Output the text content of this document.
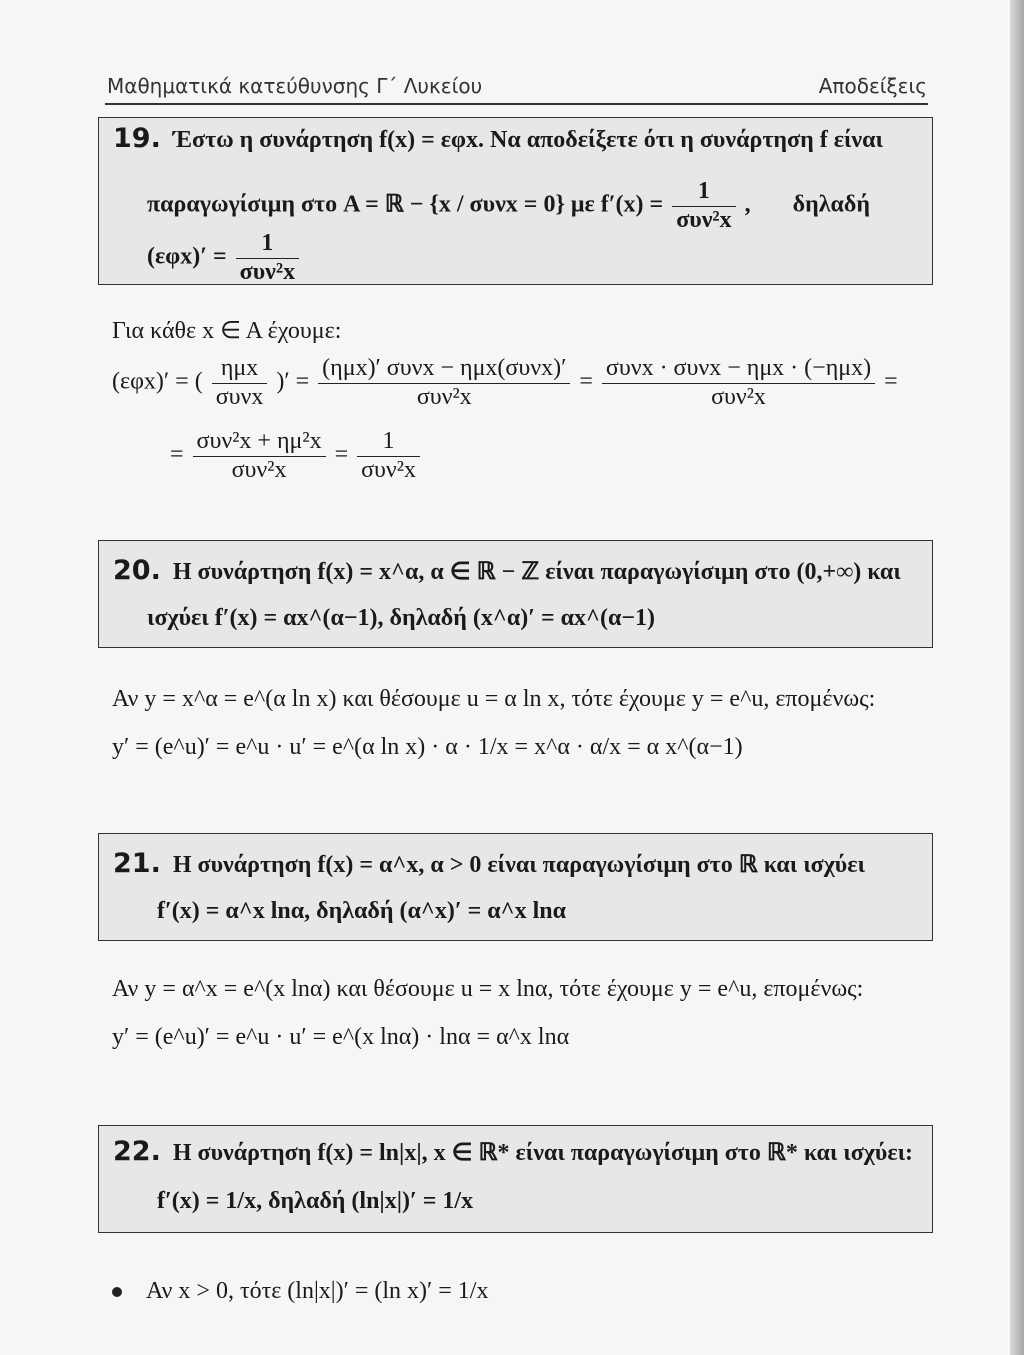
Μαθηματικά κατεύθυνσης Γ΄ Λυκείου	Αποδείξεις
19. Έστω η συνάρτηση f(x) = εφx. Να αποδείξετε ότι η συνάρτηση f είναι
παραγωγίσιμη στο A = ℝ − {x / συνx = 0} με $f'(x) = \frac{1}{\text{συν²x}}$ ,       δηλαδή
$(\varepsilon\varphi x)' = \frac{1}{\text{συν²x}}$
Για κάθε x ∈ A έχουμε:
(εφx)′ = ( $\frac{\text{ημx}}{\text{συνx}}$ )′ = $\frac{\text{(ημx)′ συνx − ημx(συνx)′}}{\text{συν²x}} = \frac{\text{συνx · συνx − ημx · (−ημx)}}{\text{συν²x}}$ =
= $\frac{\text{συν²x + ημ²x}}{\text{συν²x}} = \frac{1}{\text{συν²x}}$
20. Η συνάρτηση f(x) = x^α, α ∈ ℝ − ℤ είναι παραγωγίσιμη στο (0,+∞) και
ισχύει f′(x) = αx^(α−1), δηλαδή (x^α)′ = αx^(α−1)
Αν y = x^α = e^(α ln x) και θέσουμε u = α ln x, τότε έχουμε y = e^u, επομένως:
y′ = (e^u)′ = e^u · u′ = e^(α ln x) · α · 1/x = x^α · α/x = α x^(α−1)
21. Η συνάρτηση f(x) = α^x, α > 0 είναι παραγωγίσιμη στο ℝ και ισχύει
f′(x) = α^x lnα, δηλαδή (α^x)′ = α^x lnα
Αν y = α^x = e^(x lnα) και θέσουμε u = x lnα, τότε έχουμε y = e^u, επομένως:
y′ = (e^u)′ = e^u · u′ = e^(x lnα) · lnα = α^x lnα
22. Η συνάρτηση f(x) = ln|x|, x ∈ ℝ* είναι παραγωγίσιμη στο ℝ* και ισχύει:
f′(x) = 1/x, δηλαδή (ln|x|)′ = 1/x
Αν x > 0, τότε (ln|x|)′ = (ln x)′ = 1/x
